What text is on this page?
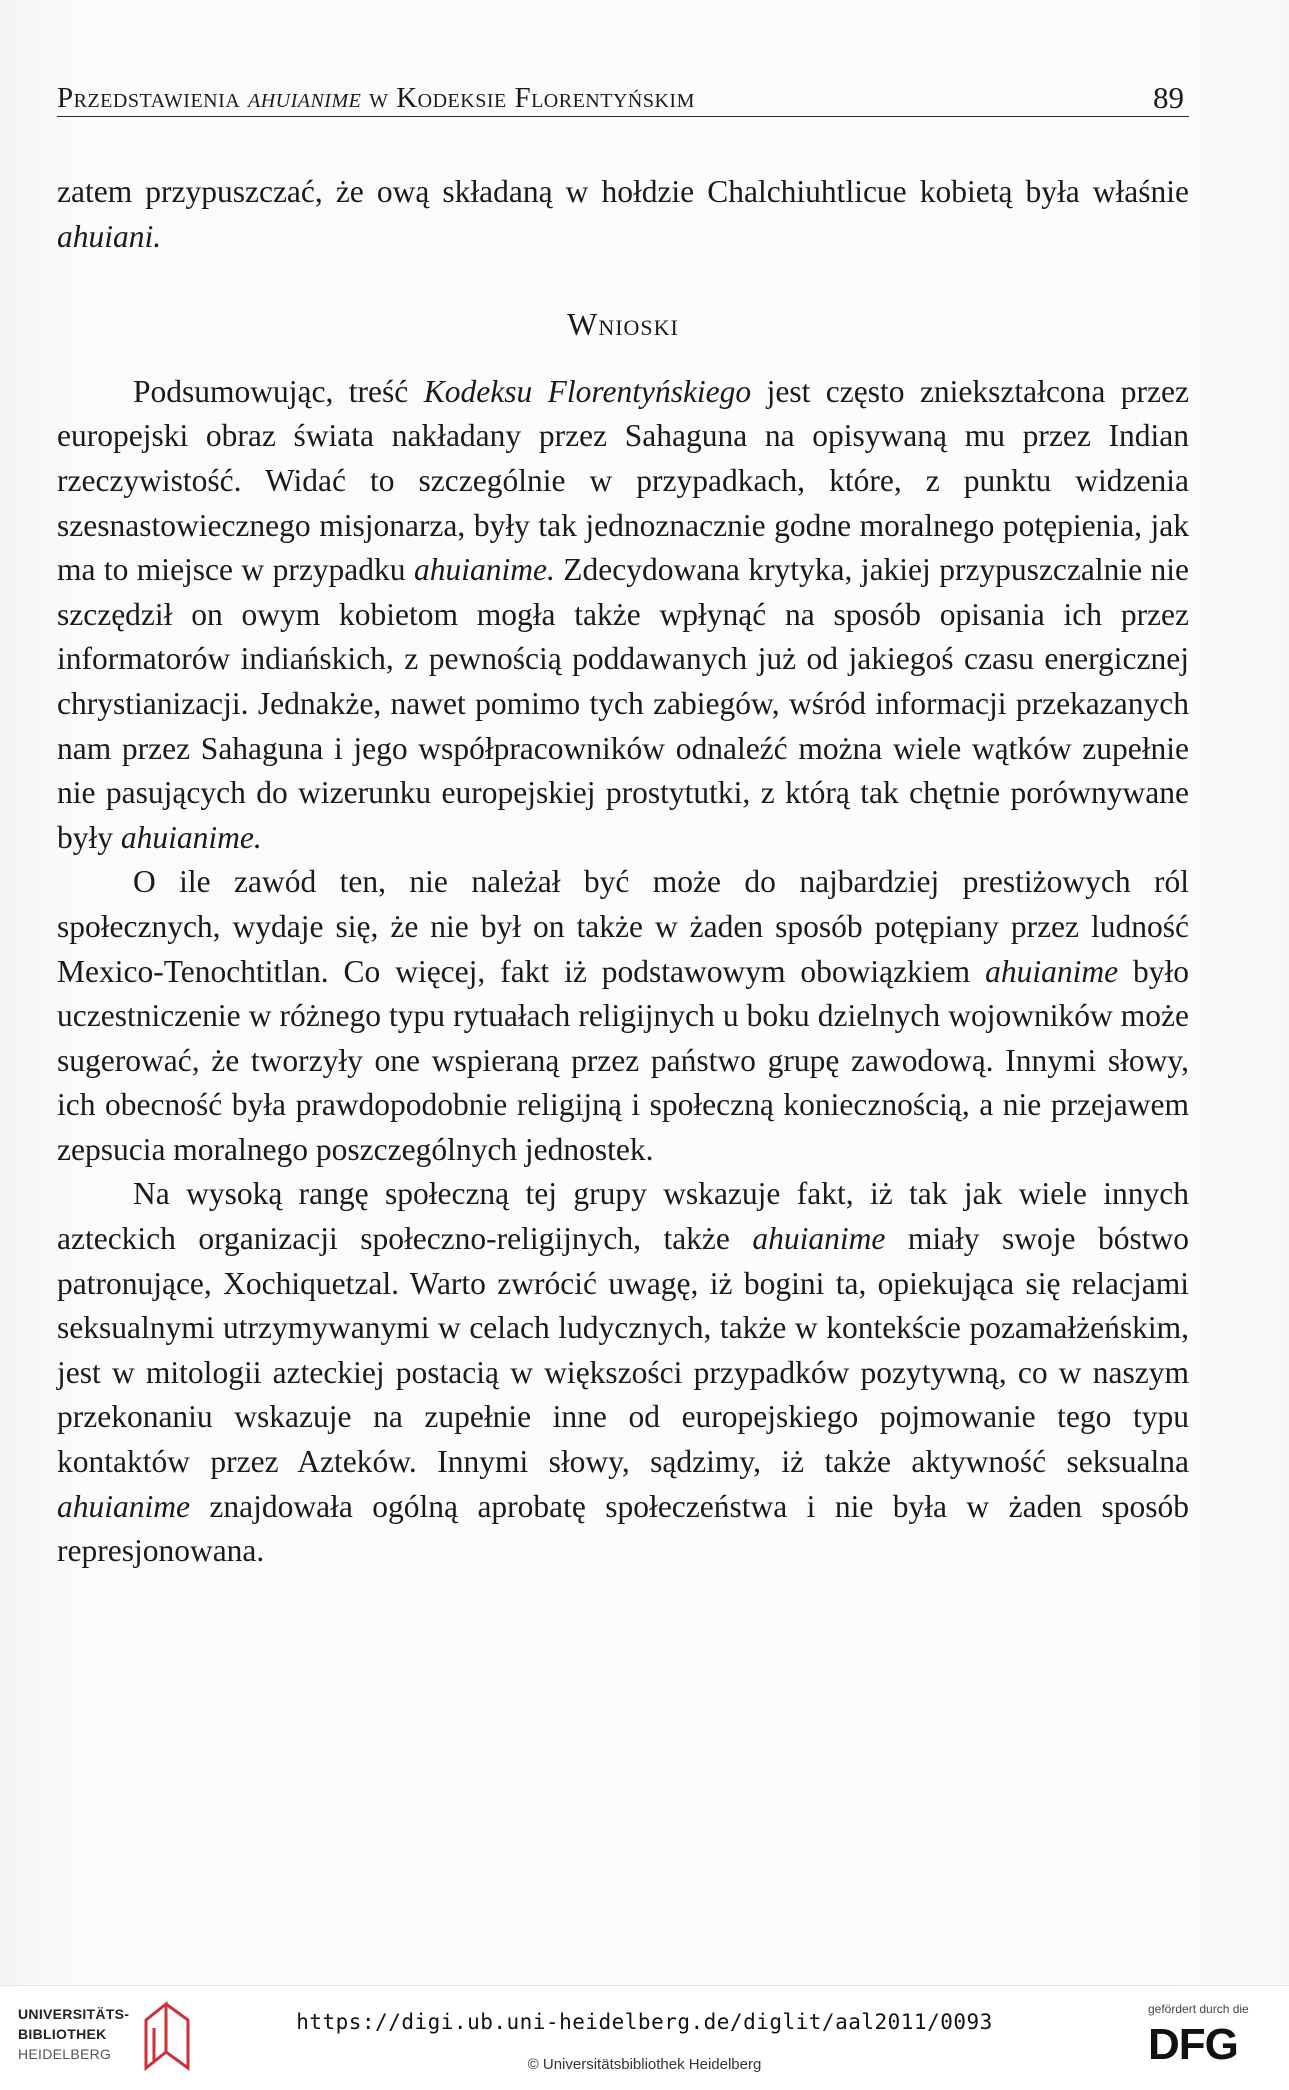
Przedstawienia ahuianime w Kodeksie Florentyńskim	89

zatem przypuszczać, że ową składaną w hołdzie Chalchiuhtlicue kobietą była właśnie ahuiani.

Wnioski

Podsumowując, treść Kodeksu Florentyńskiego jest często zniekształcona przez europejski obraz świata nakładany przez Sahaguna na opisywaną mu przez Indian rzeczywistość. Widać to szczególnie w przypadkach, które, z punktu widzenia szesnastowiecznego misjonarza, były tak jednoznacznie godne moralnego potępienia, jak ma to miejsce w przypadku ahuianime. Zdecydowana krytyka, jakiej przypuszczalnie nie szczędził on owym kobietom mogła także wpłynąć na sposób opisania ich przez informatorów indiańskich, z pewnością poddawanych już od jakiegoś czasu energicznej chrystianizacji. Jednakże, nawet pomimo tych zabiegów, wśród informacji przekazanych nam przez Sahaguna i jego współpracowników odnaleźć można wiele wątków zupełnie nie pasujących do wizerunku europejskiej prostytutki, z którą tak chętnie porównywane były ahuianime.

O ile zawód ten, nie należał być może do najbardziej prestiżowych ról społecznych, wydaje się, że nie był on także w żaden sposób potępiany przez ludność Mexico-Tenochtitlan. Co więcej, fakt iż podstawowym obowiązkiem ahuianime było uczestniczenie w różnego typu rytuałach religijnych u boku dzielnych wojowników może sugerować, że tworzyły one wspieraną przez państwo grupę zawodową. Innymi słowy, ich obecność była prawdopodobnie religijną i społeczną koniecznością, a nie przejawem zepsucia moralnego poszczególnych jednostek.

Na wysoką rangę społeczną tej grupy wskazuje fakt, iż tak jak wiele innych azteckich organizacji społeczno-religijnych, także ahuianime miały swoje bóstwo patronujące, Xochiquetzal. Warto zwrócić uwagę, iż bogini ta, opiekująca się relacjami seksualnymi utrzymywanymi w celach ludycznych, także w kontekście pozamałżeńskim, jest w mitologii azteckiej postacią w większości przypadków pozytywną, co w naszym przekonaniu wskazuje na zupełnie inne od europejskiego pojmowanie tego typu kontaktów przez Azteków. Innymi słowy, sądzimy, iż także aktywność seksualna ahuianime znajdowała ogólną aprobatę społeczeństwa i nie była w żaden sposób represjonowana.

UNIVERSITÄTS-
BIBLIOTHEK
HEIDELBERG
https://digi.ub.uni-heidelberg.de/diglit/aal2011/0093
© Universitätsbibliothek Heidelberg
gefördert durch die
DFG
